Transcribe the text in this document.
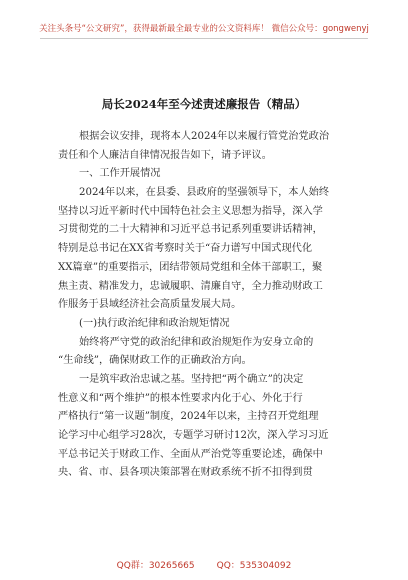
关注头条号“公文研究”，获得最新最全最专业的公文资料库！ 微信公众号：gongwenyj
局长2024年至今述责述廉报告（精品）
根据会议安排，现将本人2024年以来履行管党治党政治
责任和个人廉洁自律情况报告如下，请予评议。
一、工作开展情况
2024年以来，在县委、县政府的坚强领导下，本人始终
坚持以习近平新时代中国特色社会主义思想为指导，深入学
习贯彻党的二十大精神和习近平总书记系列重要讲话精神，
特别是总书记在XX省考察时关于“奋力谱写中国式现代化
XX篇章”的重要指示，团结带领局党组和全体干部职工，聚
焦主责、精准发力，忠诚履职、清廉自守，全力推动财政工
作服务于县域经济社会高质量发展大局。
(一)执行政治纪律和政治规矩情况
始终将严守党的政治纪律和政治规矩作为安身立命的
“生命线”，确保财政工作的正确政治方向。
一是筑牢政治忠诚之基。坚持把“两个确立”的决定
性意义和“两个维护”的根本性要求内化于心、外化于行
严格执行“第一议题”制度，2024年以来，主持召开党组理
论学习中心组学习28次，专题学习研讨12次，深入学习习近
平总书记关于财政工作、全面从严治党等重要论述，确保中
央、省、市、县各项决策部署在财政系统不折不扣得到贯
QQ群：30265665 QQ：535304092
